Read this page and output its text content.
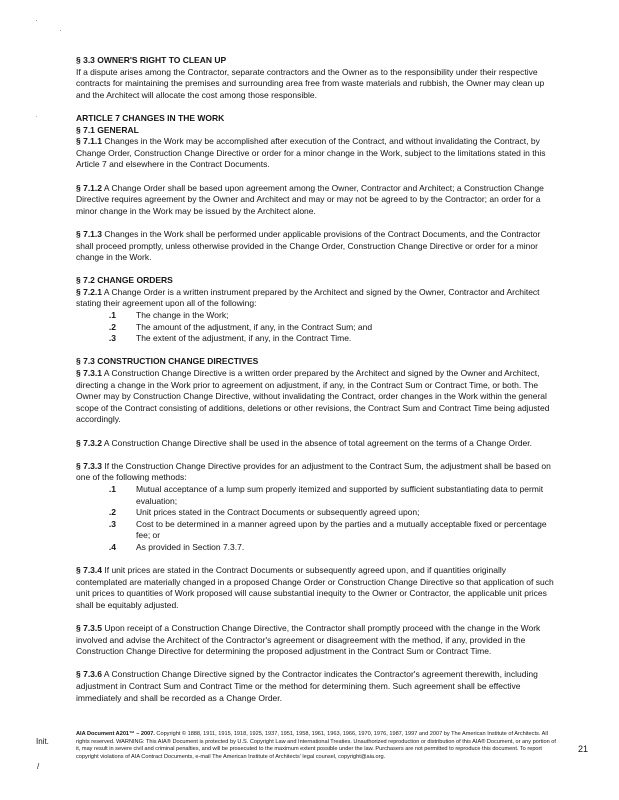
§ 3.3 OWNER'S RIGHT TO CLEAN UP

If a dispute arises among the Contractor, separate contractors and the Owner as to the responsibility under their respective contracts for maintaining the premises and surrounding area free from waste materials and rubbish, the Owner may clean up and the Architect will allocate the cost among those responsible.

ARTICLE 7 CHANGES IN THE WORK

§ 7.1 GENERAL

§ 7.1.1 Changes in the Work may be accomplished after execution of the Contract, and without invalidating the Contract, by Change Order, Construction Change Directive or order for a minor change in the Work, subject to the limitations stated in this Article 7 and elsewhere in the Contract Documents.

§ 7.1.2 A Change Order shall be based upon agreement among the Owner, Contractor and Architect; a Construction Change Directive requires agreement by the Owner and Architect and may or may not be agreed to by the Contractor; an order for a minor change in the Work may be issued by the Architect alone.

§ 7.1.3 Changes in the Work shall be performed under applicable provisions of the Contract Documents, and the Contractor shall proceed promptly, unless otherwise provided in the Change Order, Construction Change Directive or order for a minor change in the Work.

§ 7.2 CHANGE ORDERS

§ 7.2.1 A Change Order is a written instrument prepared by the Architect and signed by the Owner, Contractor and Architect stating their agreement upon all of the following:

.1	The change in the Work;
.2	The amount of the adjustment, if any, in the Contract Sum; and
.3	The extent of the adjustment, if any, in the Contract Time.

§ 7.3 CONSTRUCTION CHANGE DIRECTIVES

§ 7.3.1 A Construction Change Directive is a written order prepared by the Architect and signed by the Owner and Architect, directing a change in the Work prior to agreement on adjustment, if any, in the Contract Sum or Contract Time, or both. The Owner may by Construction Change Directive, without invalidating the Contract, order changes in the Work within the general scope of the Contract consisting of additions, deletions or other revisions, the Contract Sum and Contract Time being adjusted accordingly.

§ 7.3.2 A Construction Change Directive shall be used in the absence of total agreement on the terms of a Change Order.

§ 7.3.3 If the Construction Change Directive provides for an adjustment to the Contract Sum, the adjustment shall be based on one of the following methods:

.1	Mutual acceptance of a lump sum properly itemized and supported by sufficient substantiating data to permit evaluation;
.2	Unit prices stated in the Contract Documents or subsequently agreed upon;
.3	Cost to be determined in a manner agreed upon by the parties and a mutually acceptable fixed or percentage fee; or
.4	As provided in Section 7.3.7.

§ 7.3.4 If unit prices are stated in the Contract Documents or subsequently agreed upon, and if quantities originally contemplated are materially changed in a proposed Change Order or Construction Change Directive so that application of such unit prices to quantities of Work proposed will cause substantial inequity to the Owner or Contractor, the applicable unit prices shall be equitably adjusted.

§ 7.3.5 Upon receipt of a Construction Change Directive, the Contractor shall promptly proceed with the change in the Work involved and advise the Architect of the Contractor's agreement or disagreement with the method, if any, provided in the Construction Change Directive for determining the proposed adjustment in the Contract Sum or Contract Time.

§ 7.3.6 A Construction Change Directive signed by the Contractor indicates the Contractor's agreement therewith, including adjustment in Contract Sum and Contract Time or the method for determining them. Such agreement shall be effective immediately and shall be recorded as a Change Order.

Init.
/
AIA Document A201™ – 2007. Copyright © 1888, 1911, 1915, 1918, 1925, 1937, 1951, 1958, 1961, 1963, 1966, 1970, 1976, 1987, 1997 and 2007 by The American Institute of Architects. All rights reserved. WARNING: This AIA® Document is protected by U.S. Copyright Law and International Treaties. Unauthorized reproduction or distribution of this AIA® Document, or any portion of it, may result in severe civil and criminal penalties, and will be prosecuted to the maximum extent possible under the law. Purchasers are not permitted to reproduce this document. To report copyright violations of AIA Contract Documents, e-mail The American Institute of Architects' legal counsel, copyright@aia.org.
21
